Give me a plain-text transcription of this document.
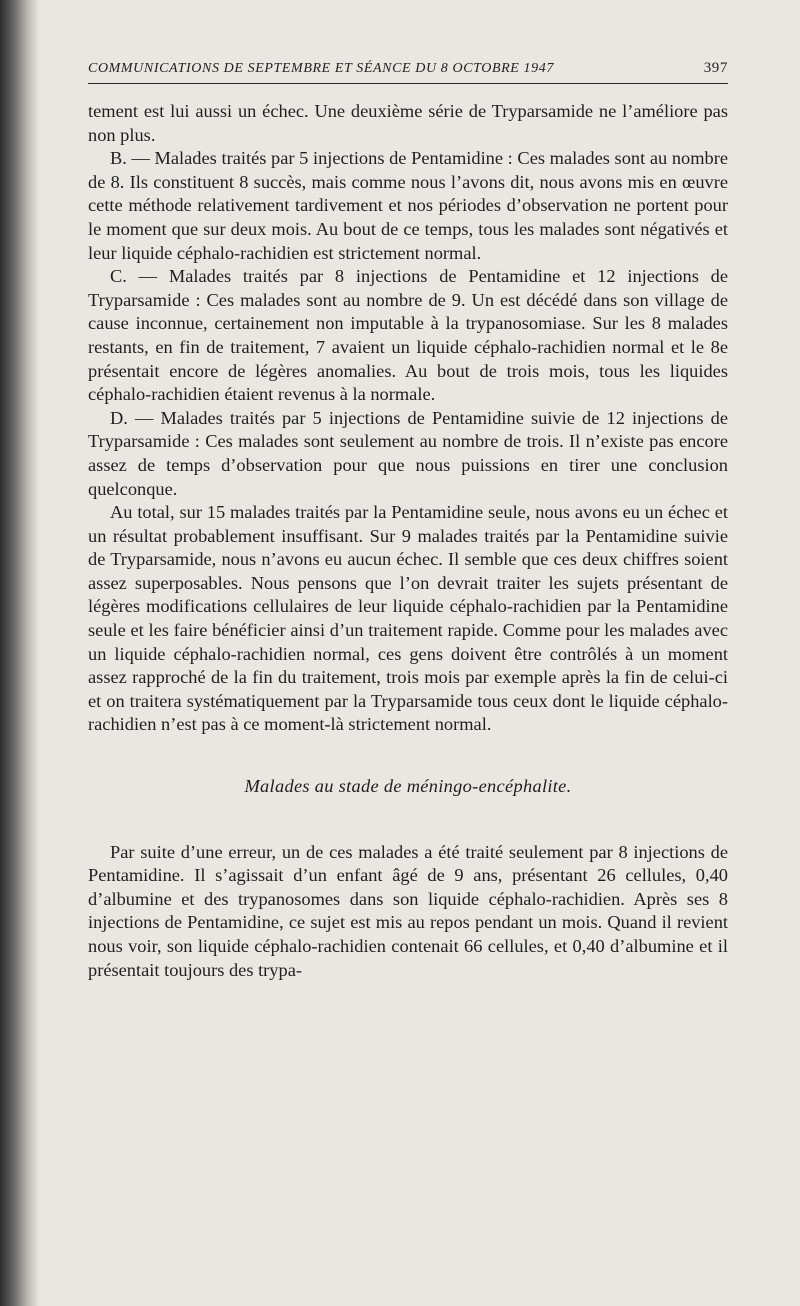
COMMUNICATIONS DE SEPTEMBRE ET SÉANCE DU 8 OCTOBRE 1947	397

tement est lui aussi un échec. Une deuxième série de Tryparsamide ne l’améliore pas non plus.

B. — Malades traités par 5 injections de Pentamidine : Ces malades sont au nombre de 8. Ils constituent 8 succès, mais comme nous l’avons dit, nous avons mis en œuvre cette méthode relativement tardivement et nos périodes d’observation ne portent pour le moment que sur deux mois. Au bout de ce temps, tous les malades sont négativés et leur liquide céphalo-rachidien est strictement normal.

C. — Malades traités par 8 injections de Pentamidine et 12 injections de Tryparsamide : Ces malades sont au nombre de 9. Un est décédé dans son village de cause inconnue, certainement non imputable à la trypanosomiase. Sur les 8 malades restants, en fin de traitement, 7 avaient un liquide céphalo-rachidien normal et le 8e présentait encore de légères anomalies. Au bout de trois mois, tous les liquides céphalo-rachidien étaient revenus à la normale.

D. — Malades traités par 5 injections de Pentamidine suivie de 12 injections de Tryparsamide : Ces malades sont seulement au nombre de trois. Il n’existe pas encore assez de temps d’observation pour que nous puissions en tirer une conclusion quelconque.

Au total, sur 15 malades traités par la Pentamidine seule, nous avons eu un échec et un résultat probablement insuffisant. Sur 9 malades traités par la Pentamidine suivie de Tryparsamide, nous n’avons eu aucun échec. Il semble que ces deux chiffres soient assez superposables. Nous pensons que l’on devrait traiter les sujets présentant de légères modifications cellulaires de leur liquide céphalo-rachidien par la Pentamidine seule et les faire bénéficier ainsi d’un traitement rapide. Comme pour les malades avec un liquide céphalo-rachidien normal, ces gens doivent être contrôlés à un moment assez rapproché de la fin du traitement, trois mois par exemple après la fin de celui-ci et on traitera systématiquement par la Tryparsamide tous ceux dont le liquide céphalo-rachidien n’est pas à ce moment-là strictement normal.

Malades au stade de méningo-encéphalite.

Par suite d’une erreur, un de ces malades a été traité seulement par 8 injections de Pentamidine. Il s’agissait d’un enfant âgé de 9 ans, présentant 26 cellules, 0,40 d’albumine et des trypanosomes dans son liquide céphalo-rachidien. Après ses 8 injections de Pentamidine, ce sujet est mis au repos pendant un mois. Quand il revient nous voir, son liquide céphalo-rachidien contenait 66 cellules, et 0,40 d’albumine et il présentait toujours des trypa-
